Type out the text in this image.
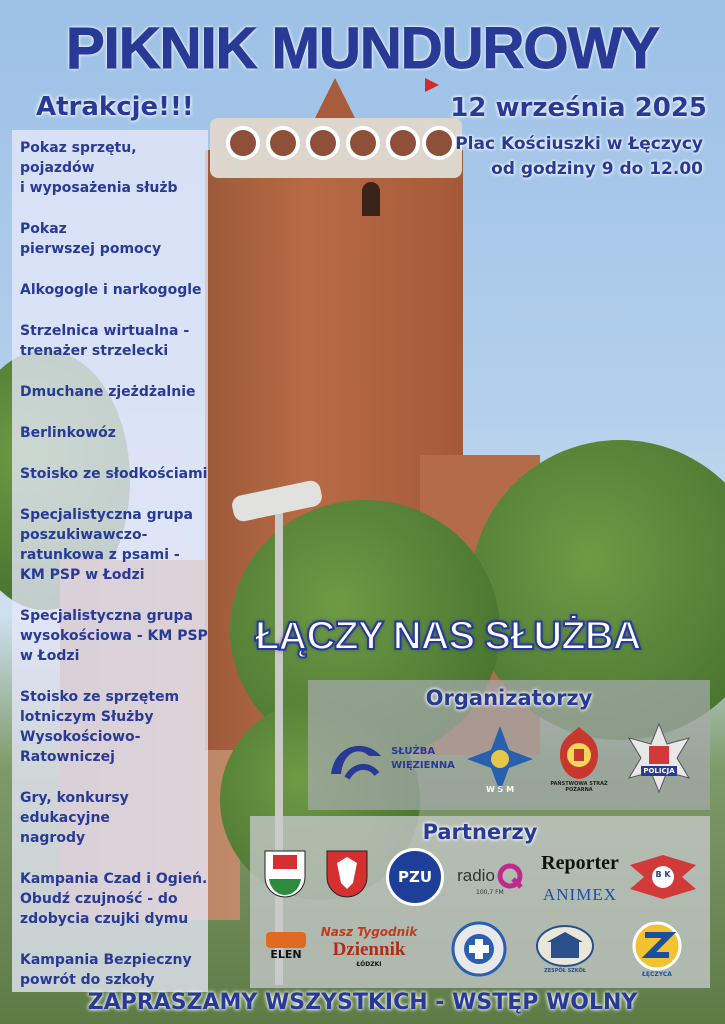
PIKNIK MUNDUROWY
Atrakcje!!!	12 września 2025
Plac Kościuszki w Łęczycy
od godziny 9 do 12.00
Pokaz sprzętu, pojazdów
i wyposażenia służb
Pokaz
pierwszej pomocy
Alkogogle i narkogogle
Strzelnica wirtualna -
trenażer strzelecki
Dmuchane zjeżdżalnie
Berlinkowóz
Stoisko ze słodkościami
Specjalistyczna grupa
poszukiwawczo-
ratunkowa z psami -
KM PSP w Łodzi
Specjalistyczna grupa
wysokościowa - KM PSP
w Łodzi
Stoisko ze sprzętem
lotniczym Służby
Wysokościowo-
Ratowniczej
Gry, konkursy
edukacyjne
nagrody
Kampania Czad i Ogień.
Obudź czujność - do
zdobycia czujki dymu
Kampania Bezpieczny
powrót do szkoły
ŁĄCZY NAS SŁUŻBA
Organizatorzy
SŁUŻBA
WIĘZIENNA
W S M
PAŃSTWOWA STRAŻ POŻARNA
POLICJA
Partnerzy
PZU radio
100,7 FM
Reporter
ANIMEX
B K
ELEN
Nasz Tygodnik
Dziennik
ŁÓDZKI
ZESPÓŁ SZKÓŁ	ŁĘCZYCA
ZAPRASZAMY WSZYSTKICH - WSTĘP WOLNY
